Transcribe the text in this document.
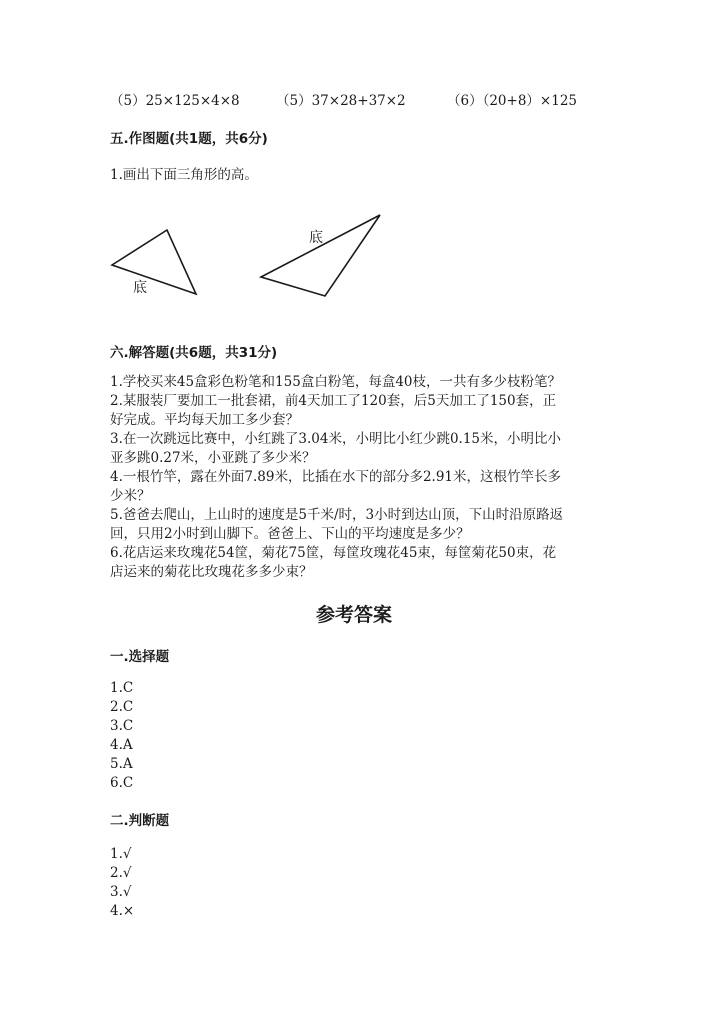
（5）25×125×4×8	（5）37×28+37×2	（6）（20+8）×125
五.作图题(共1题，共6分)
1.画出下面三角形的高。
底
底
六.解答题(共6题，共31分)
1.学校买来45盒彩色粉笔和155盒白粉笔，每盒40枝，一共有多少枝粉笔？
2.某服装厂要加工一批套裙，前4天加工了120套，后5天加工了150套，正
好完成。平均每天加工多少套？
3.在一次跳远比赛中，小红跳了3.04米，小明比小红少跳0.15米，小明比小
亚多跳0.27米，小亚跳了多少米？
4.一根竹竿，露在外面7.89米，比插在水下的部分多2.91米，这根竹竿长多
少米？
5.爸爸去爬山，上山时的速度是5千米/时，3小时到达山顶，下山时沿原路返
回，只用2小时到山脚下。爸爸上、下山的平均速度是多少？
6.花店运来玫瑰花54筐，菊花75筐，每筐玫瑰花45束，每筐菊花50束，花
店运来的菊花比玫瑰花多多少束？
参考答案
一.选择题
1.C
2.C
3.C
4.A
5.A
6.C
二.判断题
1.√
2.√
3.√
4.×
